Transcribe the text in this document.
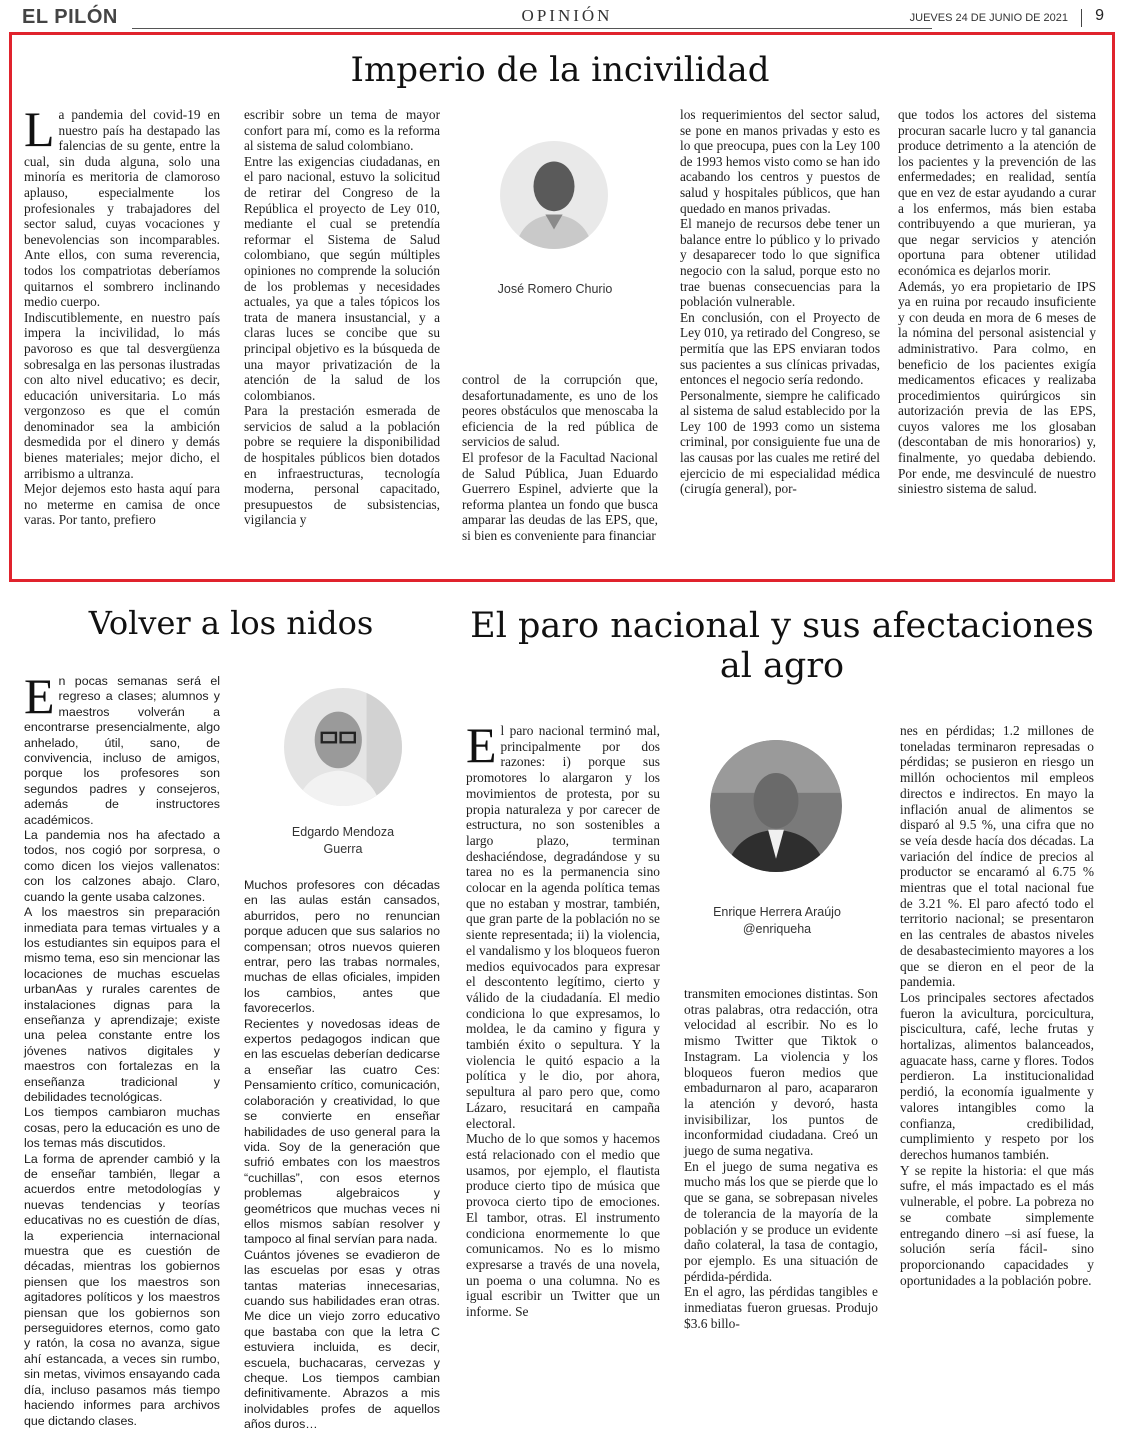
EL PILÓN	OPINIÓN	JUEVES 24 DE JUNIO DE 2021 9
Imperio de la incivilidad
L a pandemia del covid-19 en nuestro país ha destapado las falencias de su gente, entre la cual, sin duda alguna, solo una minoría es meritoria de clamoroso aplauso, especialmente los profesionales y trabajadores del sector salud, cuyas vocaciones y benevolencias son incomparables. Ante ellos, con suma reverencia, todos los compatriotas deberíamos quitarnos el sombrero inclinando medio cuerpo.
Indiscutiblemente, en nuestro país impera la incivilidad, lo más pavoroso es que tal desvergüenza sobresalga en las personas ilustradas con alto nivel educativo; es decir, educación universitaria. Lo más vergonzoso es que el común denominador sea la ambición desmedida por el dinero y demás bienes materiales; mejor dicho, el arribismo a ultranza.
Mejor dejemos esto hasta aquí para no meterme en camisa de once varas. Por tanto, prefiero
escribir sobre un tema de mayor confort para mí, como es la reforma al sistema de salud colombiano.
Entre las exigencias ciudadanas, en el paro nacional, estuvo la solicitud de retirar del Congreso de la República el proyecto de Ley 010, mediante el cual se pretendía reformar el Sistema de Salud colombiano, que según múltiples opiniones no comprende la solución de los problemas y necesidades actuales, ya que a tales tópicos los trata de manera insustancial, y a claras luces se concibe que su principal objetivo es la búsqueda de una mayor privatización de la atención de la salud de los colombianos.
Para la prestación esmerada de servicios de salud a la población pobre se requiere la disponibilidad de hospitales públicos bien dotados en infraestructuras, tecnología moderna, personal capacitado, presupuestos de subsistencias, vigilancia y
José Romero Churio
control de la corrupción que, desafortunadamente, es uno de los peores obstáculos que menoscaba la eficiencia de la red pública de servicios de salud.
El profesor de la Facultad Nacional de Salud Pública, Juan Eduardo Guerrero Espinel, advierte que la reforma plantea un fondo que busca amparar las deudas de las EPS, que, si bien es conveniente para financiar
los requerimientos del sector salud, se pone en manos privadas y esto es lo que preocupa, pues con la Ley 100 de 1993 hemos visto como se han ido acabando los centros y puestos de salud y hospitales públicos, que han quedado en manos privadas.
El manejo de recursos debe tener un balance entre lo público y lo privado y desaparecer todo lo que significa negocio con la salud, porque esto no trae buenas consecuencias para la población vulnerable.
En conclusión, con el Proyecto de Ley 010, ya retirado del Congreso, se permitía que las EPS enviaran todos sus pacientes a sus clínicas privadas, entonces el negocio sería redondo.
Personalmente, siempre he calificado al sistema de salud establecido por la Ley 100 de 1993 como un sistema criminal, por consiguiente fue una de las causas por las cuales me retiré del ejercicio de mi especialidad médica (cirugía general), por-
que todos los actores del sistema procuran sacarle lucro y tal ganancia produce detrimento a la atención de los pacientes y la prevención de las enfermedades; en realidad, sentía que en vez de estar ayudando a curar a los enfermos, más bien estaba contribuyendo a que murieran, ya que negar servicios y atención oportuna para obtener utilidad económica es dejarlos morir.
Además, yo era propietario de IPS ya en ruina por recaudo insuficiente y con deuda en mora de 6 meses de la nómina del personal asistencial y administrativo. Para colmo, en beneficio de los pacientes exigía medicamentos eficaces y realizaba procedimientos quirúrgicos sin autorización previa de las EPS, cuyos valores me los glosaban (descontaban de mis honorarios) y, finalmente, yo quedaba debiendo. Por ende, me desvinculé de nuestro siniestro sistema de salud.
Volver a los nidos
E n pocas semanas será el regreso a clases; alumnos y maestros volverán a encontrarse presencialmente, algo anhelado, útil, sano, de convivencia, incluso de amigos, porque los profesores son segundos padres y consejeros, además de instructores académicos.
La pandemia nos ha afectado a todos, nos cogió por sorpresa, o como dicen los viejos vallenatos: con los calzones abajo. Claro, cuando la gente usaba calzones.
A los maestros sin preparación inmediata para temas virtuales y a los estudiantes sin equipos para el mismo tema, eso sin mencionar las locaciones de muchas escuelas urbanAas y rurales carentes de instalaciones dignas para la enseñanza y aprendizaje; existe una pelea constante entre los jóvenes nativos digitales y maestros con fortalezas en la enseñanza tradicional y debilidades tecnológicas.
Los tiempos cambiaron muchas cosas, pero la educación es uno de los temas más discutidos.
La forma de aprender cambió y la de enseñar también, llegar a acuerdos entre metodologías y nuevas tendencias y teorías educativas no es cuestión de días, la experiencia internacional muestra que es cuestión de décadas, mientras los gobiernos piensen que los maestros son agitadores políticos y los maestros piensan que los gobiernos son perseguidores eternos, como gato y ratón, la cosa no avanza, sigue ahí estancada, a veces sin rumbo, sin metas, vivimos ensayando cada día, incluso pasamos más tiempo haciendo informes para archivos que dictando clases.
Edgardo Mendoza
Guerra
Muchos profesores con décadas en las aulas están cansados, aburridos, pero no renuncian porque aducen que sus salarios no compensan; otros nuevos quieren entrar, pero las trabas normales, muchas de ellas oficiales, impiden los cambios, antes que favorecerlos.
Recientes y novedosas ideas de expertos pedagogos indican que en las escuelas deberían dedicarse a enseñar las cuatro Ces: Pensamiento crítico, comunicación, colaboración y creatividad, lo que se convierte en enseñar habilidades de uso general para la vida. Soy de la generación que sufrió embates con los maestros “cuchillas”, con esos eternos problemas algebraicos y geométricos que muchas veces ni ellos mismos sabían resolver y tampoco al final servían para nada.
Cuántos jóvenes se evadieron de las escuelas por esas y otras tantas materias innecesarias, cuando sus habilidades eran otras. Me dice un viejo zorro educativo que bastaba con que la letra C estuviera incluida, es decir, escuela, buchacaras, cervezas y cheque. Los tiempos cambian definitivamente. Abrazos a mis inolvidables profes de aquellos años duros…
El paro nacional y sus afectaciones al agro
E l paro nacional terminó mal, principalmente por dos razones: i) porque sus promotores lo alargaron y los movimientos de protesta, por su propia naturaleza y por carecer de estructura, no son sostenibles a largo plazo, terminan deshaciéndose, degradándose y su tarea no es la permanencia sino colocar en la agenda política temas que no estaban y mostrar, también, que gran parte de la población no se siente representada; ii) la violencia, el vandalismo y los bloqueos fueron medios equivocados para expresar el descontento legítimo, cierto y válido de la ciudadanía. El medio condiciona lo que expresamos, lo moldea, le da camino y figura y también éxito o sepultura. Y la violencia le quitó espacio a la política y le dio, por ahora, sepultura al paro pero que, como Lázaro, resucitará en campaña electoral.
Mucho de lo que somos y hacemos está relacionado con el medio que usamos, por ejemplo, el flautista produce cierto tipo de música que provoca cierto tipo de emociones. El tambor, otras. El instrumento condiciona enormemente lo que comunicamos. No es lo mismo expresarse a través de una novela, un poema o una columna. No es igual escribir un Twitter que un informe. Se
Enrique Herrera Araújo
@enriqueha
transmiten emociones distintas. Son otras palabras, otra redacción, otra velocidad al escribir. No es lo mismo Twitter que Tiktok o Instagram. La violencia y los bloqueos fueron medios que embadurnaron al paro, acapararon la atención y devoró, hasta invisibilizar, los puntos de inconformidad ciudadana. Creó un juego de suma negativa.
En el juego de suma negativa es mucho más los que se pierde que lo que se gana, se sobrepasan niveles de tolerancia de la mayoría de la población y se produce un evidente daño colateral, la tasa de contagio, por ejemplo. Es una situación de pérdida-pérdida.
En el agro, las pérdidas tangibles e inmediatas fueron gruesas. Produjo $3.6 billo-
nes en pérdidas; 1.2 millones de toneladas terminaron represadas o pérdidas; se pusieron en riesgo un millón ochocientos mil empleos directos e indirectos. En mayo la inflación anual de alimentos se disparó al 9.5 %, una cifra que no se veía desde hacía dos décadas. La variación del índice de precios al productor se encaramó al 6.75 % mientras que el total nacional fue de 3.21 %. El paro afectó todo el territorio nacional; se presentaron en las centrales de abastos niveles de desabastecimiento mayores a los que se dieron en el peor de la pandemia.
Los principales sectores afectados fueron la avicultura, porcicultura, piscicultura, café, leche frutas y hortalizas, alimentos balanceados, aguacate hass, carne y flores. Todos perdieron. La institucionalidad perdió, la economía igualmente y valores intangibles como la confianza, credibilidad, cumplimiento y respeto por los derechos humanos también.
Y se repite la historia: el que más sufre, el más impactado es el más vulnerable, el pobre. La pobreza no se combate simplemente entregando dinero –si así fuese, la solución sería fácil- sino proporcionando capacidades y oportunidades a la población pobre.
